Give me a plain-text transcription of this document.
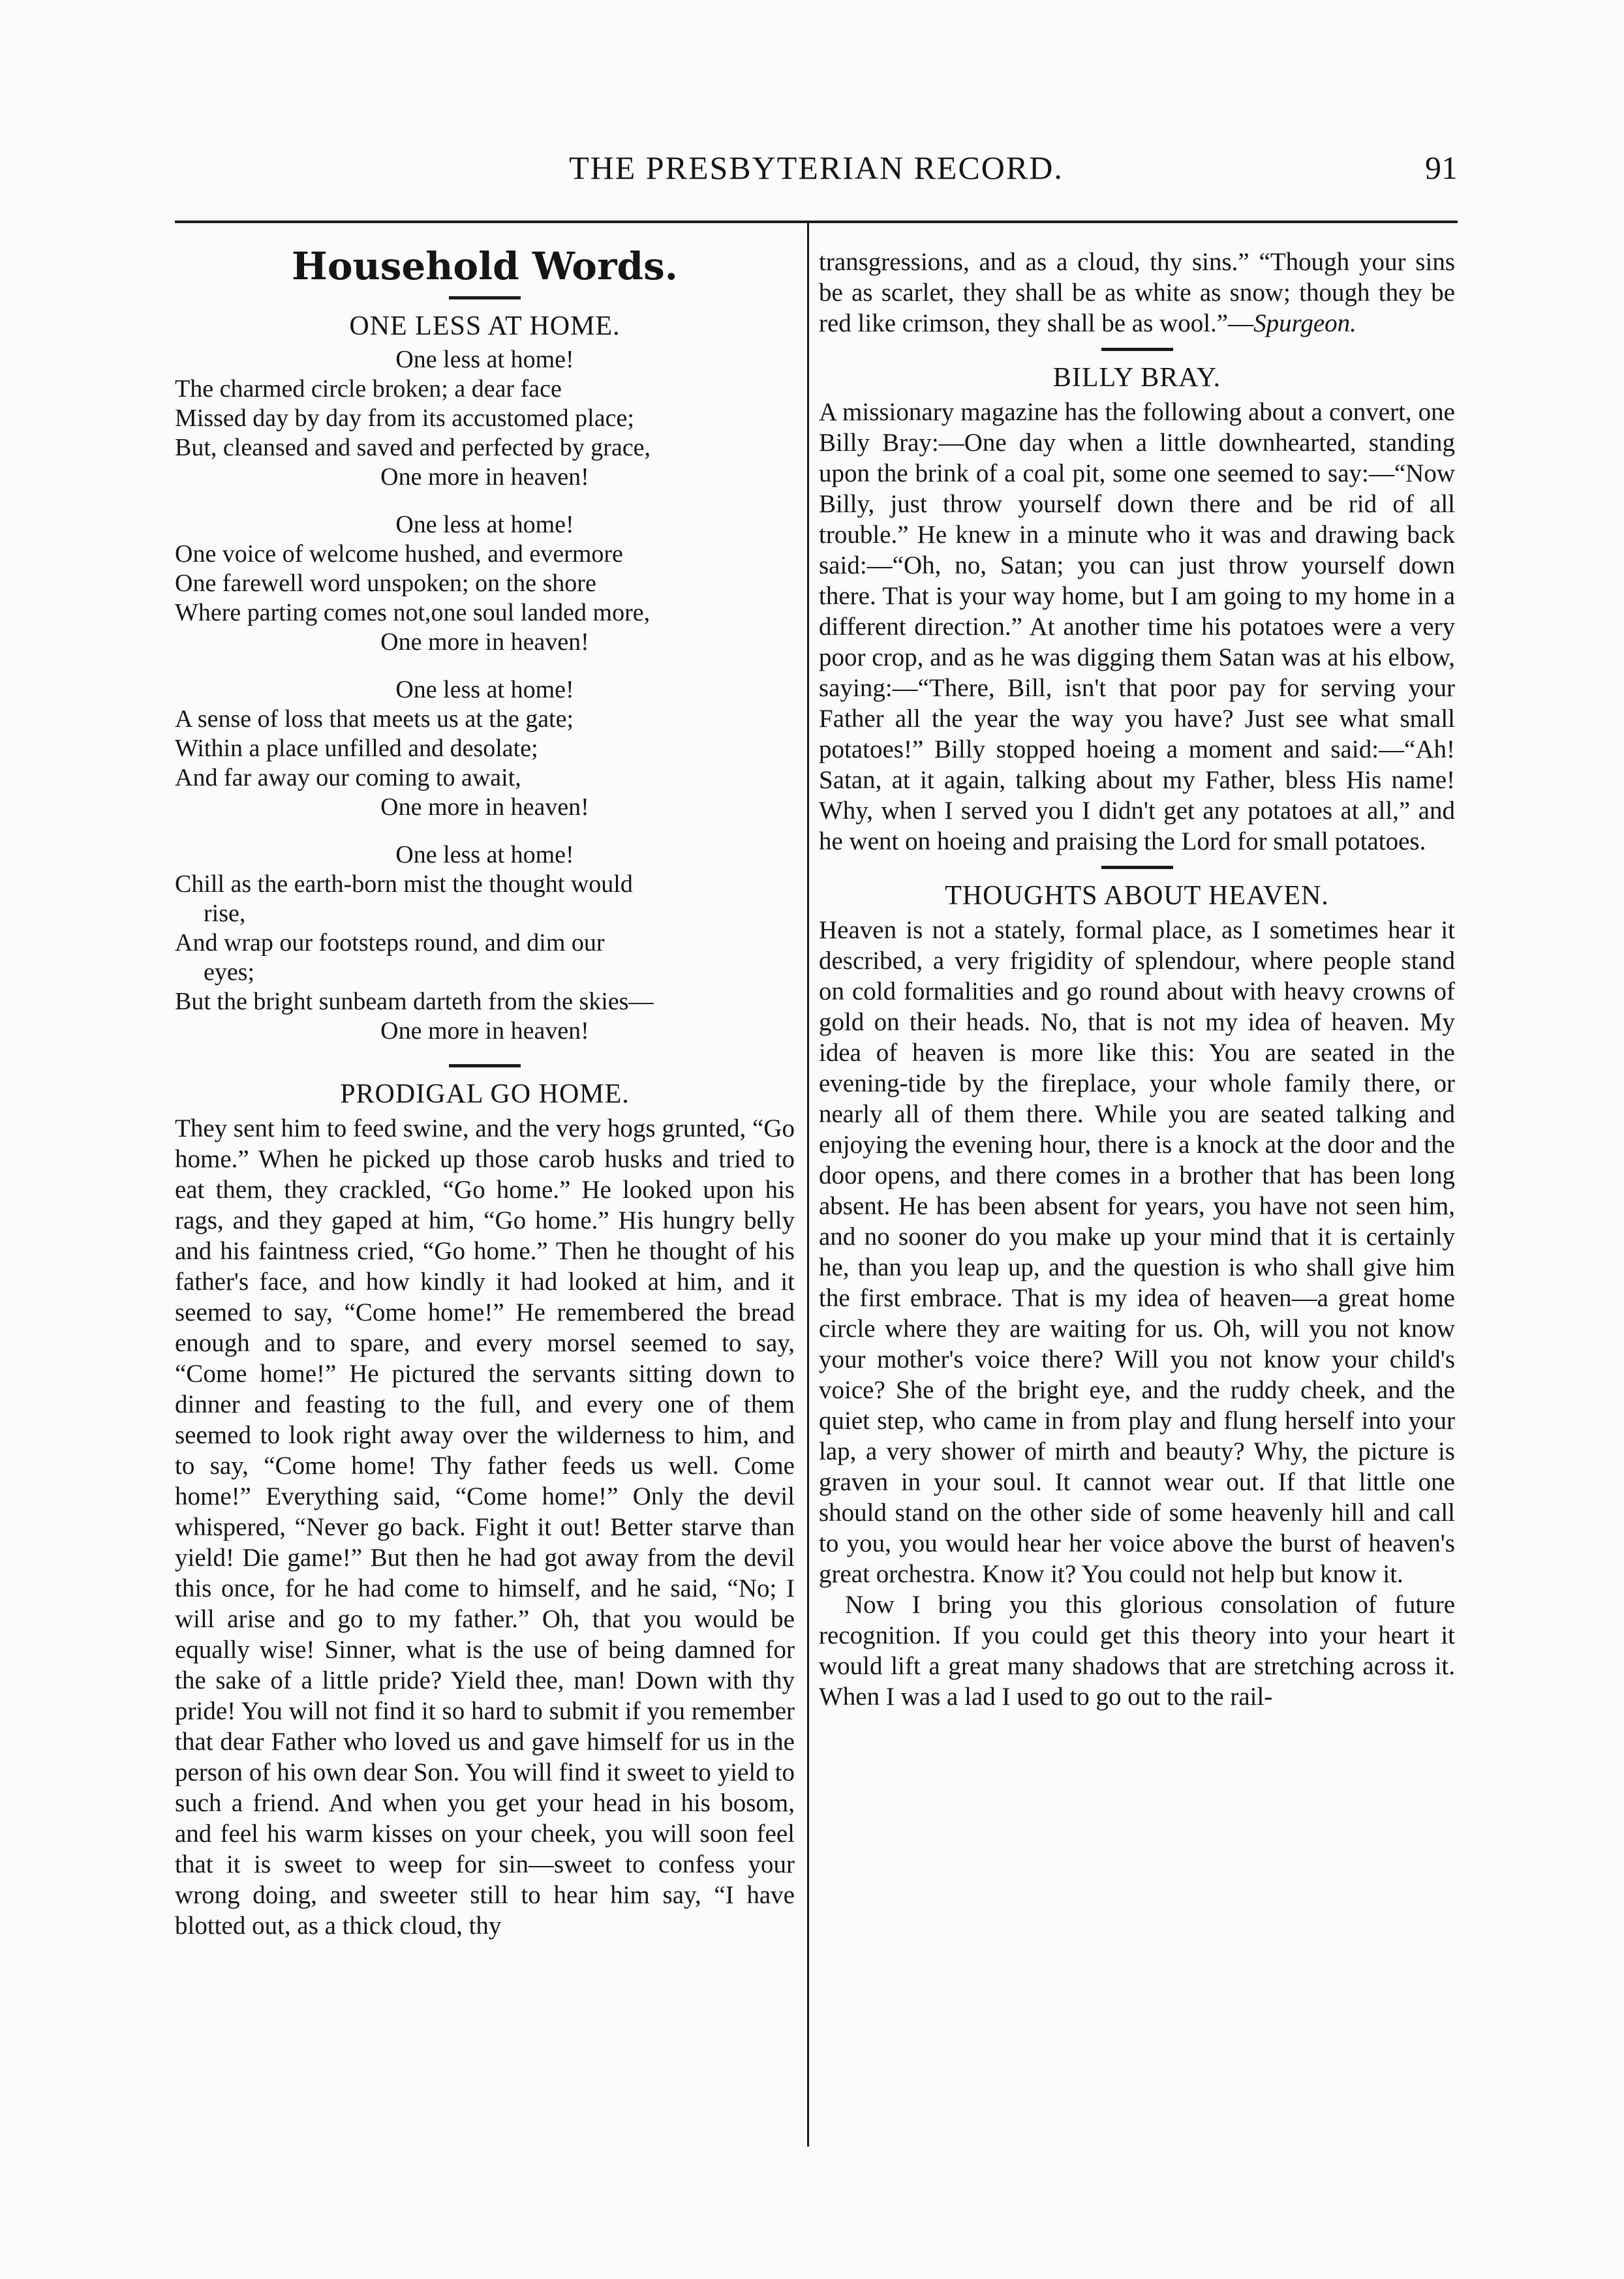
THE PRESBYTERIAN RECORD.	91
Household Words.
ONE LESS AT HOME.
One less at home!
The charmed circle broken; a dear face
Missed day by day from its accustomed place;
But, cleansed and saved and perfected by grace,
One more in heaven!
One less at home!
One voice of welcome hushed, and evermore
One farewell word unspoken; on the shore
Where parting comes not,one soul landed more,
One more in heaven!
One less at home!
A sense of loss that meets us at the gate;
Within a place unfilled and desolate;
And far away our coming to await,
One more in heaven!
One less at home!
Chill as the earth-born mist the thought would
rise,
And wrap our footsteps round, and dim our
eyes;
But the bright sunbeam darteth from the skies—
One more in heaven!
PRODIGAL GO HOME.

They sent him to feed swine, and the very hogs grunted, “Go home.” When he picked up those carob husks and tried to eat them, they crackled, “Go home.” He looked upon his rags, and they gaped at him, “Go home.” His hungry belly and his faintness cried, “Go home.” Then he thought of his father's face, and how kindly it had looked at him, and it seemed to say, “Come home!” He remembered the bread enough and to spare, and every morsel seemed to say, “Come home!” He pictured the servants sitting down to dinner and feasting to the full, and every one of them seemed to look right away over the wilderness to him, and to say, “Come home! Thy father feeds us well. Come home!” Everything said, “Come home!” Only the devil whispered, “Never go back. Fight it out! Better starve than yield! Die game!” But then he had got away from the devil this once, for he had come to himself, and he said, “No; I will arise and go to my father.” Oh, that you would be equally wise! Sinner, what is the use of being damned for the sake of a little pride? Yield thee, man! Down with thy pride! You will not find it so hard to submit if you remember that dear Father who loved us and gave himself for us in the person of his own dear Son. You will find it sweet to yield to such a friend. And when you get your head in his bosom, and feel his warm kisses on your cheek, you will soon feel that it is sweet to weep for sin—sweet to confess your wrong doing, and sweeter still to hear him say, “I have blotted out, as a thick cloud, thy

transgressions, and as a cloud, thy sins.” “Though your sins be as scarlet, they shall be as white as snow; though they be red like crimson, they shall be as wool.”—Spurgeon.
BILLY BRAY.

A missionary magazine has the following about a convert, one Billy Bray:—One day when a little downhearted, standing upon the brink of a coal pit, some one seemed to say:—“Now Billy, just throw yourself down there and be rid of all trouble.” He knew in a minute who it was and drawing back said:—“Oh, no, Satan; you can just throw yourself down there. That is your way home, but I am going to my home in a different direction.” At another time his potatoes were a very poor crop, and as he was digging them Satan was at his elbow, saying:—“There, Bill, isn't that poor pay for serving your Father all the year the way you have? Just see what small potatoes!” Billy stopped hoeing a moment and said:—“Ah! Satan, at it again, talking about my Father, bless His name! Why, when I served you I didn't get any potatoes at all,” and he went on hoeing and praising the Lord for small potatoes.

THOUGHTS ABOUT HEAVEN.

Heaven is not a stately, formal place, as I sometimes hear it described, a very frigidity of splendour, where people stand on cold formalities and go round about with heavy crowns of gold on their heads. No, that is not my idea of heaven. My idea of heaven is more like this: You are seated in the evening-tide by the fireplace, your whole family there, or nearly all of them there. While you are seated talking and enjoying the evening hour, there is a knock at the door and the door opens, and there comes in a brother that has been long absent. He has been absent for years, you have not seen him, and no sooner do you make up your mind that it is certainly he, than you leap up, and the question is who shall give him the first embrace. That is my idea of heaven—a great home circle where they are waiting for us. Oh, will you not know your mother's voice there? Will you not know your child's voice? She of the bright eye, and the ruddy cheek, and the quiet step, who came in from play and flung herself into your lap, a very shower of mirth and beauty? Why, the picture is graven in your soul. It cannot wear out. If that little one should stand on the other side of some heavenly hill and call to you, you would hear her voice above the burst of heaven's great orchestra. Know it? You could not help but know it.

Now I bring you this glorious consolation of future recognition. If you could get this theory into your heart it would lift a great many shadows that are stretching across it. When I was a lad I used to go out to the rail-
